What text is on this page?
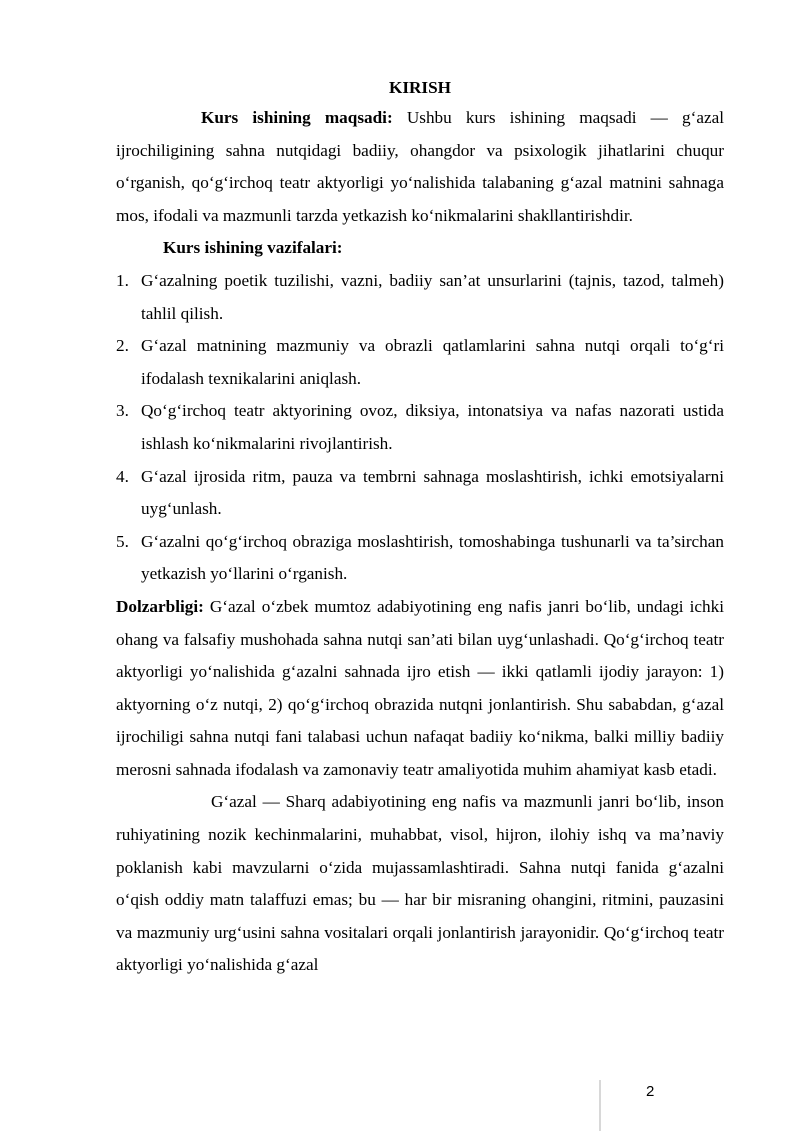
KIRISH

Kurs ishining maqsadi: Ushbu kurs ishining maqsadi — g‘azal ijrochiligining sahna nutqidagi badiiy, ohangdor va psixologik jihatlarini chuqur o‘rganish, qo‘g‘irchoq teatr aktyorligi yo‘nalishida talabaning g‘azal matnini sahnaga mos, ifodali va mazmunli tarzda yetkazish ko‘nikmalarini shakllantirishdir.

Kurs ishining vazifalari:
1. G‘azalning poetik tuzilishi, vazni, badiiy san’at unsurlarini (tajnis, tazod, talmeh) tahlil qilish.
2. G‘azal matnining mazmuniy va obrazli qatlamlarini sahna nutqi orqali to‘g‘ri ifodalash texnikalarini aniqlash.
3. Qo‘g‘irchoq teatr aktyorining ovoz, diksiya, intonatsiya va nafas nazorati ustida ishlash ko‘nikmalarini rivojlantirish.
4. G‘azal ijrosida ritm, pauza va tembrni sahnaga moslashtirish, ichki emotsiyalarni uyg‘unlash.
5. G‘azalni qo‘g‘irchoq obraziga moslashtirish, tomoshabinga tushunarli va ta’sirchan yetkazish yo‘llarini o‘rganish.

Dolzarbligi: G‘azal o‘zbek mumtoz adabiyotining eng nafis janri bo‘lib, undagi ichki ohang va falsafiy mushohada sahna nutqi san’ati bilan uyg‘unlashadi. Qo‘g‘irchoq teatr aktyorligi yo‘nalishida g‘azalni sahnada ijro etish — ikki qatlamli ijodiy jarayon: 1) aktyorning o‘z nutqi, 2) qo‘g‘irchoq obrazida nutqni jonlantirish. Shu sababdan, g‘azal ijrochiligi sahna nutqi fani talabasi uchun nafaqat badiiy ko‘nikma, balki milliy badiiy merosni sahnada ifodalash va zamonaviy teatr amaliyotida muhim ahamiyat kasb etadi.

G‘azal — Sharq adabiyotining eng nafis va mazmunli janri bo‘lib, inson ruhiyatining nozik kechinmalarini, muhabbat, visol, hijron, ilohiy ishq va ma’naviy poklanish kabi mavzularni o‘zida mujassamlashtiradi. Sahna nutqi fanida g‘azalni o‘qish oddiy matn talaffuzi emas; bu — har bir misraning ohangini, ritmini, pauzasini va mazmuniy urg‘usini sahna vositalari orqali jonlantirish jarayonidir. Qo‘g‘irchoq teatr aktyorligi yo‘nalishida g‘azal

2
